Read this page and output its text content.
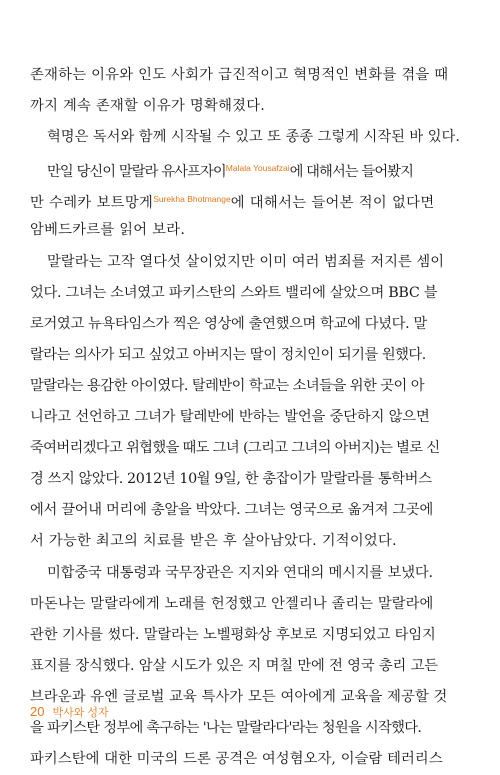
존재하는 이유와 인도 사회가 급진적이고 혁명적인 변화를 겪을 때
까지 계속 존재할 이유가 명확해졌다.
혁명은 독서와 함께 시작될 수 있고 또 종종 그렇게 시작된 바 있다.
만일 당신이 말랄라 유사프자이$^{Malala Yousafzai}$에 대해서는 들어봤지
만 수레카 보트망게$^{Surekha Bhotmange}$에 대해서는 들어본 적이 없다면
암베드카르를 읽어 보라.
말랄라는 고작 열다섯 살이었지만 이미 여러 범죄를 저지른 셈이
었다. 그녀는 소녀였고 파키스탄의 스와트 밸리에 살았으며 BBC 블
로거였고 뉴욕타임스가 찍은 영상에 출연했으며 학교에 다녔다. 말
랄라는 의사가 되고 싶었고 아버지는 딸이 정치인이 되기를 원했다.
말랄라는 용감한 아이였다. 탈레반이 학교는 소녀들을 위한 곳이 아
니라고 선언하고 그녀가 탈레반에 반하는 발언을 중단하지 않으면
죽여버리겠다고 위협했을 때도 그녀 (그리고 그녀의 아버지)는 별로 신
경 쓰지 않았다. 2012년 10월 9일, 한 총잡이가 말랄라를 통학버스
에서 끌어내 머리에 총알을 박았다. 그녀는 영국으로 옮겨져 그곳에
서 가능한 최고의 치료를 받은 후 살아남았다. 기적이었다.
미합중국 대통령과 국무장관은 지지와 연대의 메시지를 보냈다.
마돈나는 말랄라에게 노래를 헌정했고 안젤리나 졸리는 말랄라에
관한 기사를 썼다. 말랄라는 노벨평화상 후보로 지명되었고 타임지
표지를 장식했다. 암살 시도가 있은 지 며칠 만에 전 영국 총리 고든
브라운과 유엔 글로벌 교육 특사가 모든 여아에게 교육을 제공할 것
을 파키스탄 정부에 촉구하는 '나는 말랄라다'라는 청원을 시작했다.
파키스탄에 대한 미국의 드론 공격은 여성혐오자, 이슬람 테러리스
20 박사와 성자
